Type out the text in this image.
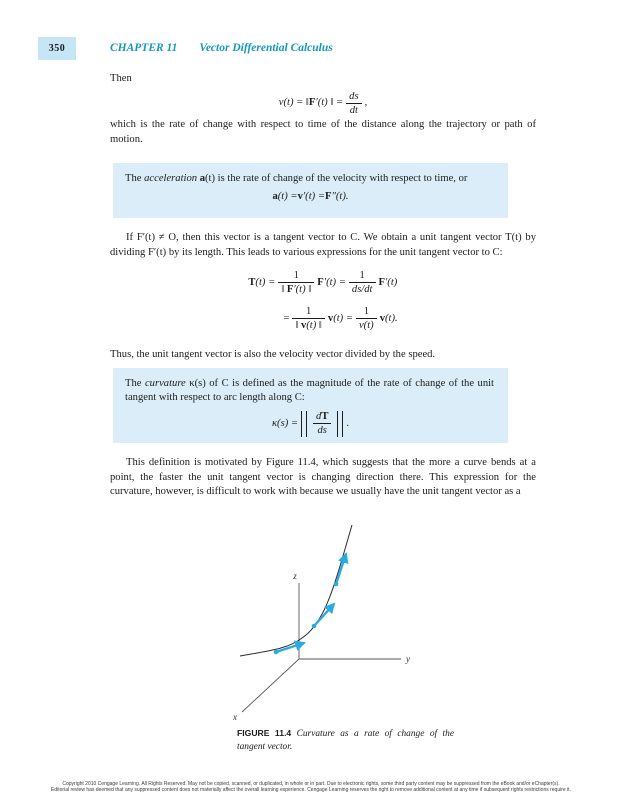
350	CHAPTER 11 Vector Differential Calculus
Then
v(t) = ‖ F ′(t) ‖ = $\frac{ds}{dt}$ ,
which is the rate of change with respect to time of the distance along the trajectory or path of motion.
The acceleration a(t) is the rate of change of the velocity with respect to time, or
a (t) = v ′(t) = F ″(t).
If F′(t) ≠ O, then this vector is a tangent vector to C. We obtain a unit tangent vector T(t) by dividing F′(t) by its length. This leads to various expressions for the unit tangent vector to C:
T $(t) = \frac{1}{‖ F'(t) ‖}$ F $'(t) = \frac{1}{ds/dt}$ F ′(t)
= $\frac{1}{‖ v(t) ‖}$ v $(t) = \frac{1}{v(t)}$ v (t).
Thus, the unit tangent vector is also the velocity vector divided by the speed.
The curvature κ(s) of C is defined as the magnitude of the rate of change of the unit tangent with respect to arc length along C:
$\kappa(s) = \frac{dT}{ds}$ .
This definition is motivated by Figure 11.4, which suggests that the more a curve bends at a point, the faster the unit tangent vector is changing direction there. This expression for the curvature, however, is difficult to work with because we usually have the unit tangent vector as a
z
y
x
FIGURE 11.4 Curvature as a rate of change of the tangent vector.
Copyright 2010 Cengage Learning. All Rights Reserved. May not be copied, scanned, or duplicated, in whole or in part. Due to electronic rights, some third party content may be suppressed from the eBook and/or eChapter(s).
Editorial review has deemed that any suppressed content does not materially affect the overall learning experience. Cengage Learning reserves the right to remove additional content at any time if subsequent rights restrictions require it.
